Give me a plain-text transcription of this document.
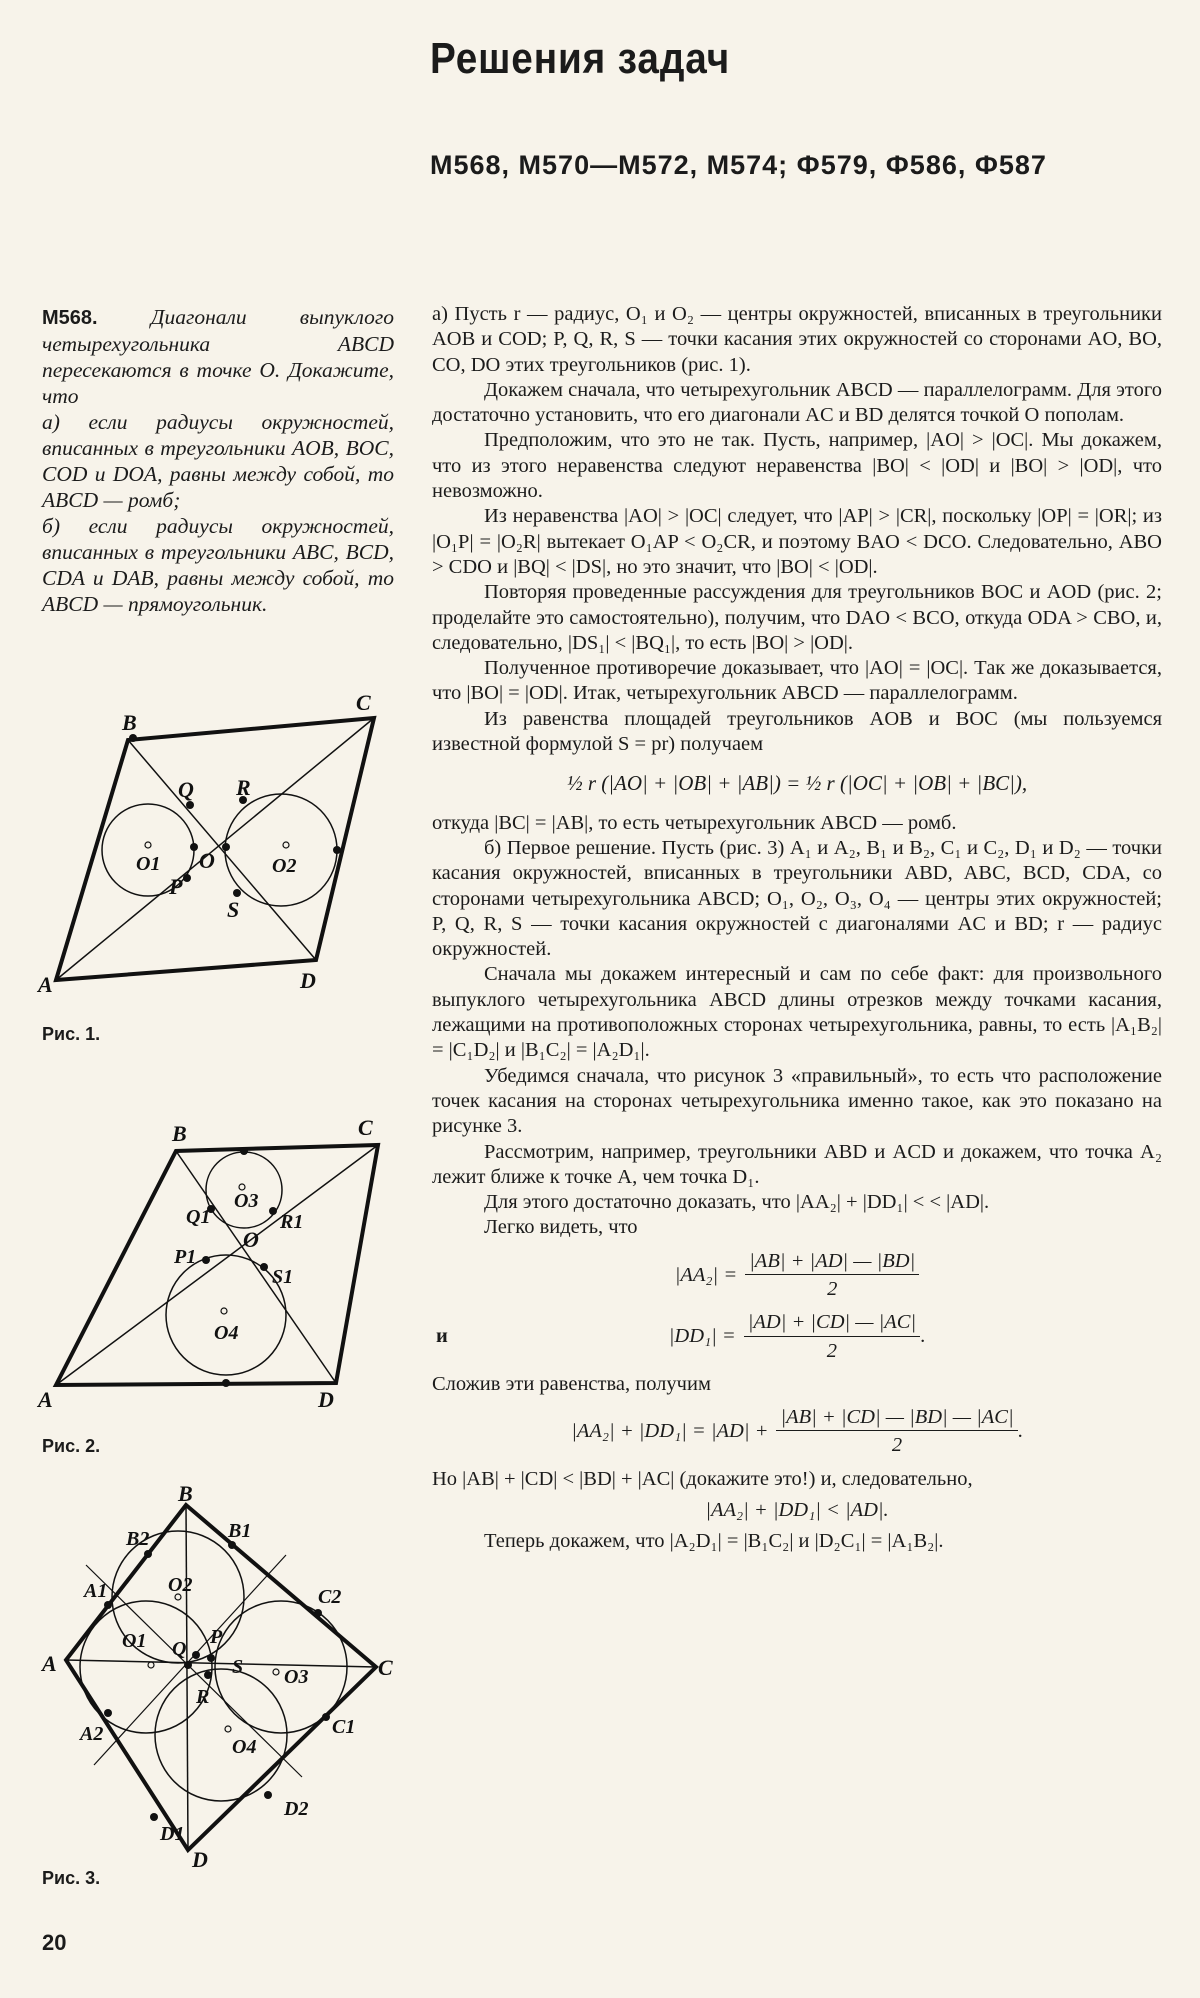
Решения задач
М568, М570—М572, М574; Ф579, Ф586, Ф587

М568. Диагонали выпуклого четырехугольника ABCD пересекаются в точке O. Докажите, что

а) если радиусы окружностей, вписанных в треугольники AOB, BOC, COD и DOA, равны между собой, то ABCD — ромб;

б) если радиусы окружностей, вписанных в треугольники ABC, BCD, CDA и DAB, равны между собой, то ABCD — прямоугольник.

A
B
C
D
O
O1	O2
P
Q R
S
Рис. 1.
A
B	C
D
O
O3
O4
Q1	R1
P1
S1
Рис. 2.
A
B
C
D
A1
A2
B1
B2
C1
C2
D1
D2
O1
O2
O3
O4
P
Q
R
S
Рис. 3.
20

а) Пусть r — радиус, O₁ и O₂ — центры окружностей, вписанных в треугольники AOB и COD; P, Q, R, S — точки касания этих окружностей со сторонами AO, BO, CO, DO этих треугольников (рис. 1).

Докажем сначала, что четырехугольник ABCD — параллелограмм. Для этого достаточно установить, что его диагонали AC и BD делятся точкой O пополам.

Предположим, что это не так. Пусть, например, |AO| > |OC|. Мы докажем, что из этого неравенства следуют неравенства |BO| < |OD| и |BO| > |OD|, что невозможно.

Из неравенства |AO| > |OC| следует, что |AP| > |CR|, поскольку |OP| = |OR|; из |O₁P| = |O₂R| вытекает O₁AP < O₂CR, и поэтому BAO < DCO. Следовательно, ABO > CDO и |BQ| < |DS|, но это значит, что |BO| < |OD|.

Повторяя проведенные рассуждения для треугольников BOC и AOD (рис. 2; проделайте это самостоятельно), получим, что DAO < BCO, откуда ODA > CBO, и, следовательно, |DS₁| < |BQ₁|, то есть |BO| > |OD|.

Полученное противоречие доказывает, что |AO| = |OC|. Так же доказывается, что |BO| = |OD|. Итак, четырехугольник ABCD — параллелограмм.

Из равенства площадей треугольников AOB и BOC (мы пользуемся известной формулой S = pr) получаем

½ r (|AO| + |OB| + |AB|) = ½ r (|OC| + |OB| + |BC|),

откуда |BC| = |AB|, то есть четырехугольник ABCD — ромб.

б) Первое решение. Пусть (рис. 3) A₁ и A₂, B₁ и B₂, C₁ и C₂, D₁ и D₂ — точки касания окружностей, вписанных в треугольники ABD, ABC, BCD, CDA, со сторонами четырехугольника ABCD; O₁, O₂, O₃, O₄ — центры этих окружностей; P, Q, R, S — точки касания окружностей с диагоналями AC и BD; r — радиус окружностей.

Сначала мы докажем интересный и сам по себе факт: для произвольного выпуклого четырехугольника ABCD длины отрезков между точками касания, лежащими на противоположных сторонах четырехугольника, равны, то есть |A₁B₂| = |C₁D₂| и |B₁C₂| = |A₂D₁|.

Убедимся сначала, что рисунок 3 «правильный», то есть что расположение точек касания на сторонах четырехугольника именно такое, как это показано на рисунке 3.

Рассмотрим, например, треугольники ABD и ACD и докажем, что точка A₂ лежит ближе к точке A, чем точка D₁.

Для этого достаточно доказать, что |AA₂| + |DD₁| < < |AD|.

Легко видеть, что

$|AA_2| = \frac{|AB| + |AD| — |BD|}{2}$
и	$|DD_1| = \frac{|AD| + |CD| — |AC|}{2}$ .

Сложив эти равенства, получим

$|AA_2| + |DD_1| = |AD| + \frac{|AB| + |CD| — |BD| — |AC|}{2}$ .

Но |AB| + |CD| < |BD| + |AC| (докажите это!) и, следовательно,

|AA₂| + |DD₁| < |AD|.

Теперь докажем, что |A₂D₁| = |B₁C₂| и |D₂C₁| = |A₁B₂|.
